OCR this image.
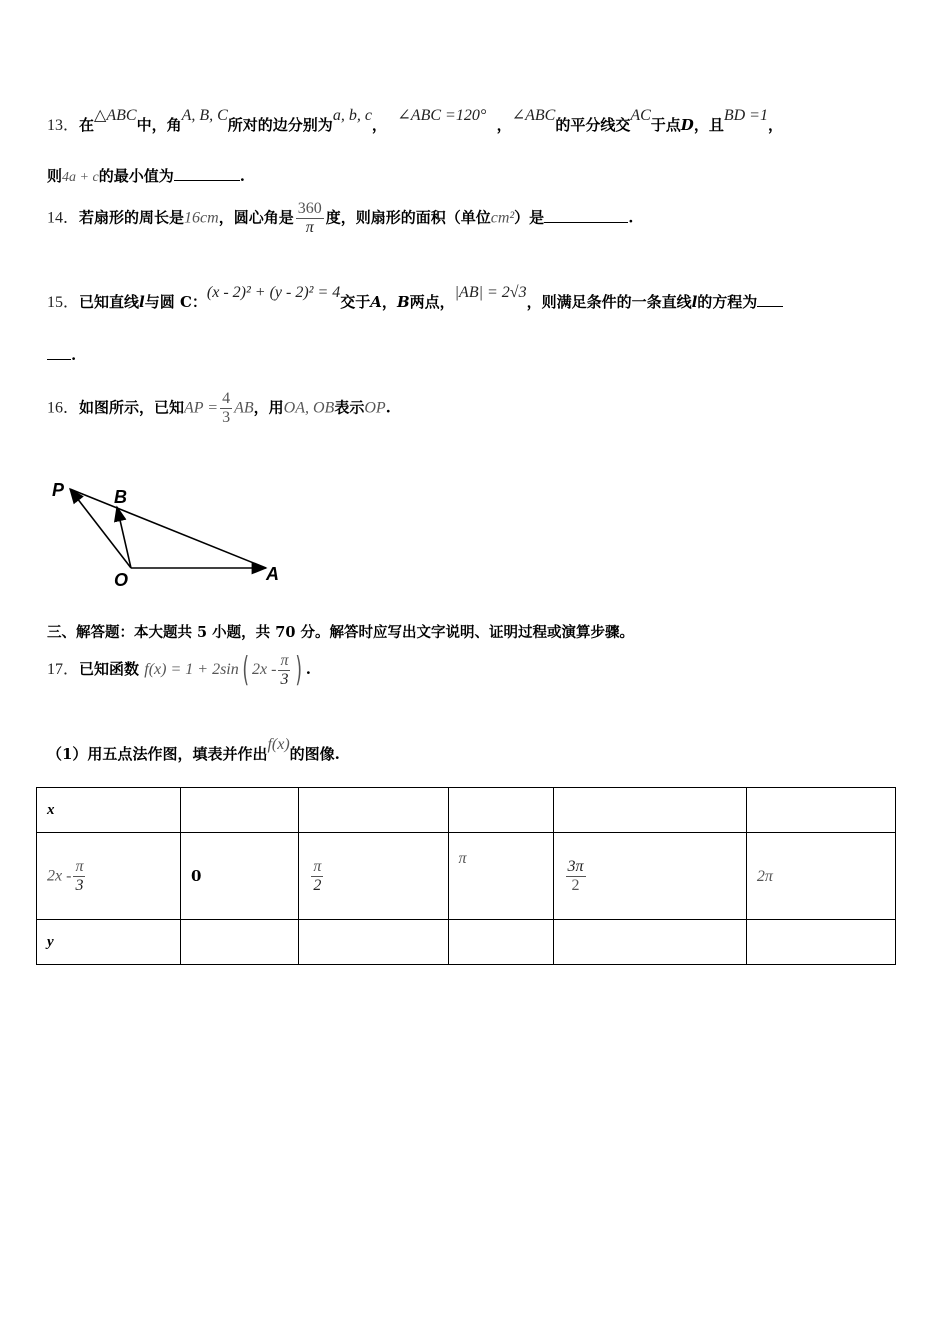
13．在△ABC中，角A, B, C所对的边分别为a, b, c，  ∠ABC =120°  ，∠ABC的平分线交AC于点D，且BD =1，
则4a + c的最小值为	.
14．若扇形的周长是16cm，圆心角是 $\frac{360}{\pi}$ 度，则扇形的面积（单位cm²）是	.
15．已知直线l与圆 C：(x - 2)² + (y - 2)² = 4交于A，B两点，|AB| = 2√3，则满足条件的一条直线l的方程为
.
16．如图所示，已知AP = $\frac{4}{3}$ AB，用OA, OB表示OP.
P	B
O	A
三、解答题：本大题共 5 小题，共 70 分。解答时应写出文字说明、证明过程或演算步骤。
17．已知函数 f(x) = 1 + 2sin( $2x - \frac{\pi}{3}$ ) .
（1）用五点法作图，填表并作出f(x)的图像.
x					
$2x - \frac{\pi}{3}$	0	$\frac{\pi}{2}$	π	$\frac{3\pi}{2}$	2π
y					
